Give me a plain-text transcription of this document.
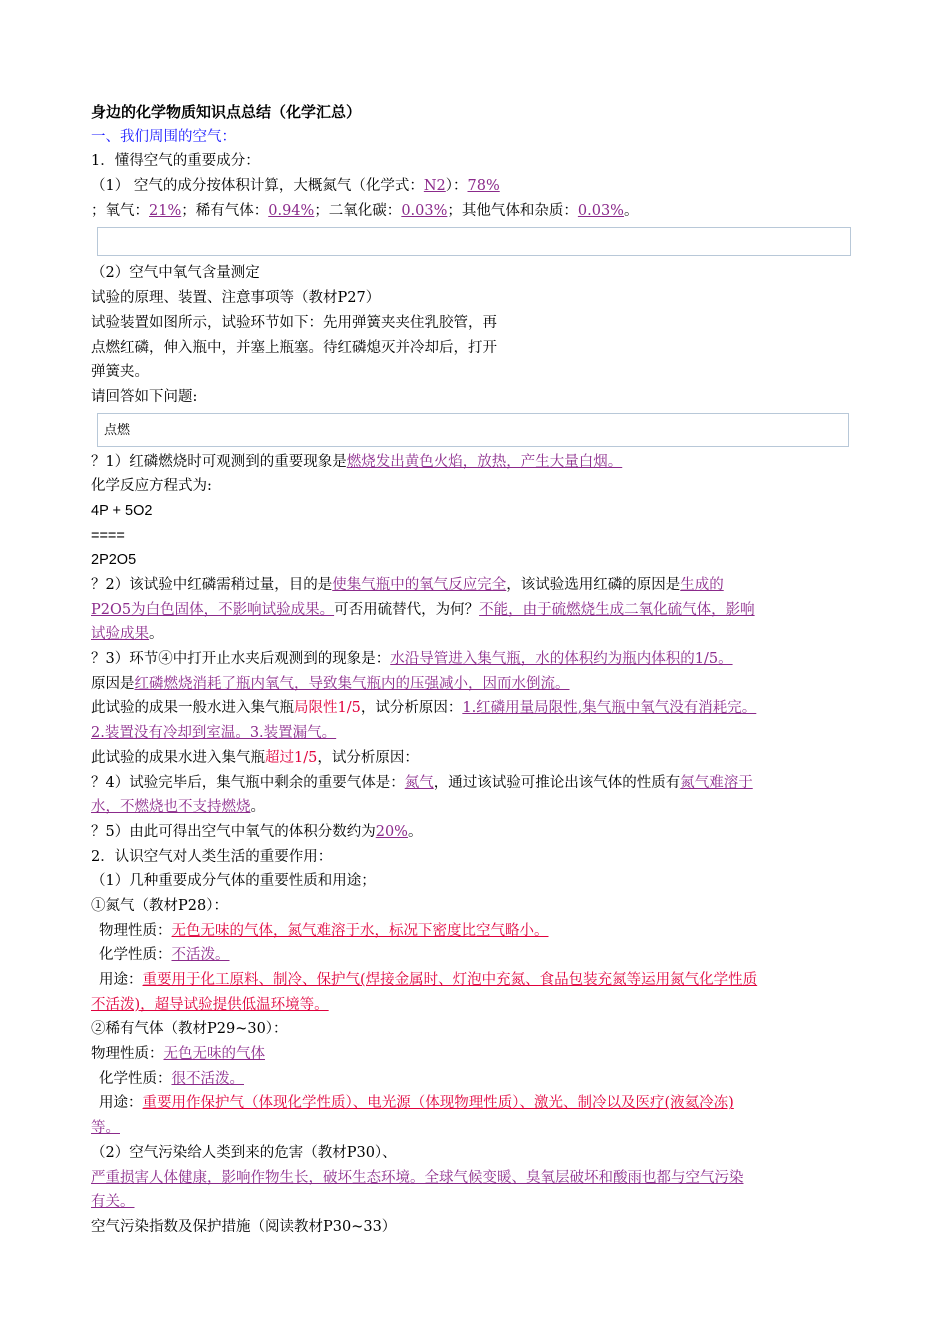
身边的化学物质知识点总结（化学汇总）
一、我们周围的空气：
1．懂得空气的重要成分：
（1） 空气的成分按体积计算，大概氮气（化学式：N2）：78%
；氧气：21%；稀有气体：0.94%；二氧化碳：0.03%；其他气体和杂质：0.03%。
（2）空气中氧气含量测定
试验的原理、装置、注意事项等（教材P27）
试验装置如图所示，试验环节如下：先用弹簧夹夹住乳胶管，再
点燃红磷，伸入瓶中，并塞上瓶塞。待红磷熄灭并冷却后，打开
弹簧夹。
请回答如下问题:
点燃
？1）红磷燃烧时可观测到的重要现象是燃烧发出黄色火焰，放热，产生大量白烟。
化学反应方程式为:
4P + 5O2
====
2P2O5
？2）该试验中红磷需稍过量，目的是使集气瓶中的氧气反应完全，该试验选用红磷的原因是生成的
P2O5为白色固体，不影响试验成果。可否用硫替代，为何？不能，由于硫燃烧生成二氧化硫气体，影响
试验成果。
？3）环节④中打开止水夹后观测到的现象是：水沿导管进入集气瓶，水的体积约为瓶内体积的1/5。
原因是红磷燃烧消耗了瓶内氧气，导致集气瓶内的压强减小，因而水倒流。
此试验的成果一般水进入集气瓶局限性1/5，试分析原因：1.红磷用量局限性,集气瓶中氧气没有消耗完。
2.装置没有冷却到室温。3.装置漏气。
此试验的成果水进入集气瓶超过1/5，试分析原因：
？4）试验完毕后，集气瓶中剩余的重要气体是：氮气，通过该试验可推论出该气体的性质有氮气难溶于
水，不燃烧也不支持燃烧。
？5）由此可得出空气中氧气的体积分数约为20%。
2．认识空气对人类生活的重要作用：
（1）几种重要成分气体的重要性质和用途；
①氮气（教材P28）：
物理性质：无色无味的气体，氮气难溶于水，标况下密度比空气略小。
化学性质：不活泼。
用途：重要用于化工原料、制冷、保护气(焊接金属时、灯泡中充氮、食品包装充氮等运用氮气化学性质
不活泼)，超导试验提供低温环境等。
②稀有气体（教材P29~30）：
物理性质：无色无味的气体
化学性质：很不活泼。
用途：重要用作保护气（体现化学性质）、电光源（体现物理性质）、激光、制冷以及医疗(液氦冷冻)
等。
（2）空气污染给人类到来的危害（教材P30）、
严重损害人体健康，影响作物生长，破坏生态环境。全球气候变暖、臭氧层破坏和酸雨也都与空气污染
有关。
空气污染指数及保护措施（阅读教材P30~33）
